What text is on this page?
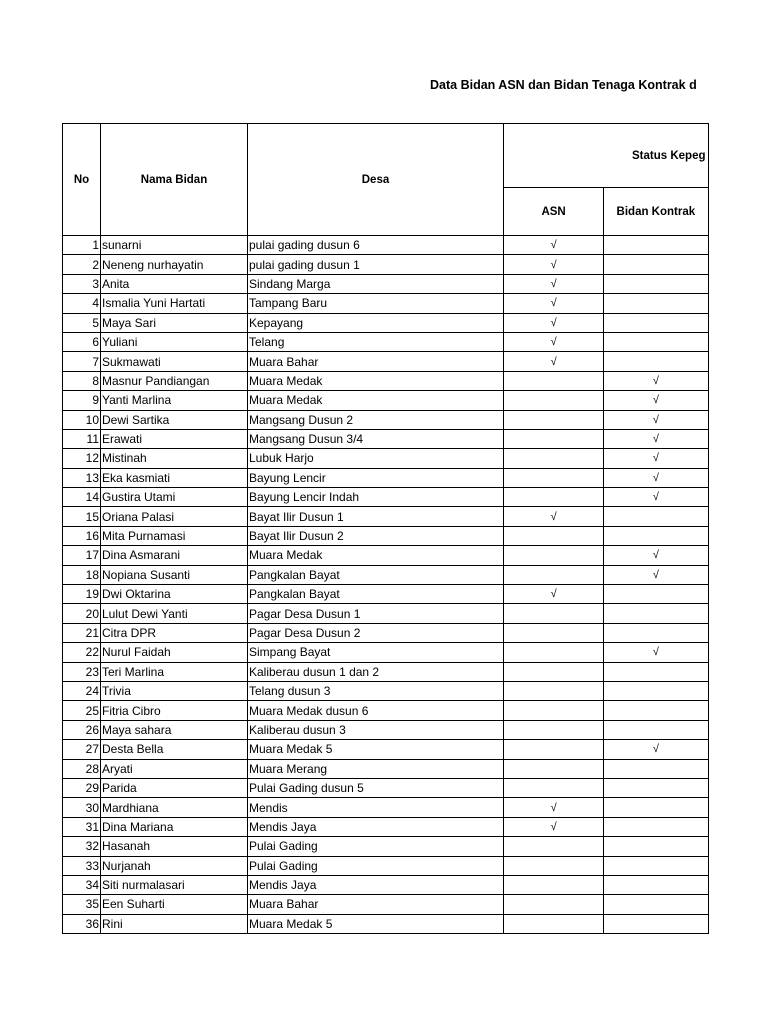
Data Bidan ASN dan Bidan Tenaga Kontrak d
No	Nama Bidan	Desa	Status Kepeg	
			ASN	Bidan Kontrak
1	sunarni	pulai gading dusun 6	√	
2	Neneng nurhayatin	pulai gading dusun 1	√	
3	Anita	Sindang Marga	√	
4	Ismalia Yuni Hartati	Tampang Baru	√	
5	Maya Sari	Kepayang	√	
6	Yuliani	Telang	√	
7	Sukmawati	Muara Bahar	√	
8	Masnur Pandiangan	Muara Medak		√
9	Yanti Marlina	Muara Medak		√
10	Dewi Sartika	Mangsang Dusun 2		√
11	Erawati	Mangsang Dusun 3/4		√
12	Mistinah	Lubuk Harjo		√
13	Eka kasmiati	Bayung Lencir		√
14	Gustira Utami	Bayung Lencir Indah		√
15	Oriana Palasi	Bayat Ilir Dusun 1	√	
16	Mita Purnamasi	Bayat Ilir Dusun 2		
17	Dina Asmarani	Muara Medak		√
18	Nopiana Susanti	Pangkalan Bayat		√
19	Dwi Oktarina	Pangkalan Bayat	√	
20	Lulut Dewi Yanti	Pagar Desa Dusun 1		
21	Citra DPR	Pagar Desa Dusun 2		
22	Nurul Faidah	Simpang Bayat		√
23	Teri Marlina	Kaliberau dusun 1 dan 2		
24	Trivia	Telang dusun 3		
25	Fitria Cibro	Muara Medak dusun 6		
26	Maya sahara	Kaliberau dusun 3		
27	Desta Bella	Muara Medak 5		√
28	Aryati	Muara Merang		
29	Parida	Pulai Gading dusun 5		
30	Mardhiana	Mendis	√	
31	Dina Mariana	Mendis Jaya	√	
32	Hasanah	Pulai Gading		
33	Nurjanah	Pulai Gading		
34	Siti nurmalasari	Mendis Jaya		
35	Een Suharti	Muara Bahar		
36	Rini	Muara Medak 5		
